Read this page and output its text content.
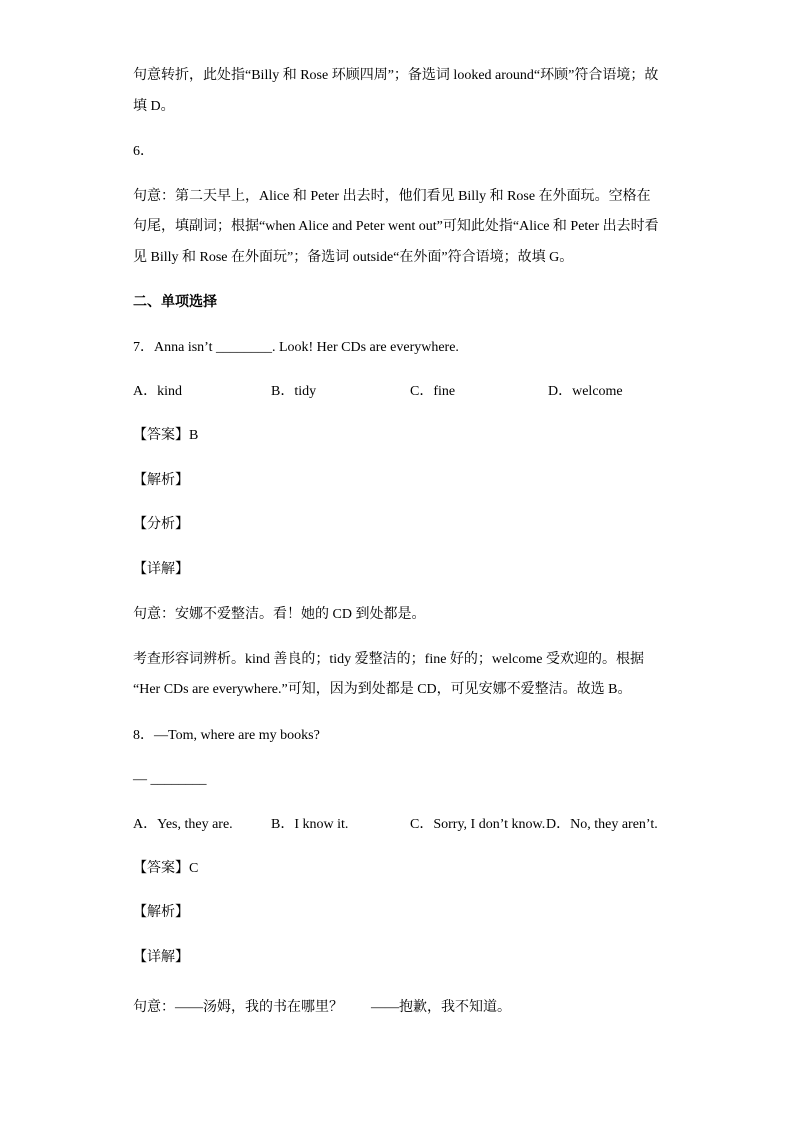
句意转折，此处指“Billy 和 Rose 环顾四周”；备选词 looked around“环顾”符合语境；故
填 D。
6．
句意：第二天早上，Alice 和 Peter 出去时，他们看见 Billy 和 Rose 在外面玩。空格在
句尾，填副词；根据“when Alice and Peter went out”可知此处指“Alice 和 Peter 出去时看
见 Billy 和 Rose 在外面玩”；备选词 outside“在外面”符合语境；故填 G。
二、单项选择
7．Anna isn’t ________. Look! Her CDs are everywhere.
A．kind	B．tidy	C．fine	D．welcome
【答案】B
【解析】
【分析】
【详解】
句意：安娜不爱整洁。看！她的 CD 到处都是。
考查形容词辨析。kind 善良的；tidy 爱整洁的；fine 好的；welcome 受欢迎的。根据
“Her CDs are everywhere.”可知，因为到处都是 CD，可见安娜不爱整洁。故选 B。
8．—Tom, where are my books?
— ________
A．Yes, they are.	B．I know it.	C．Sorry, I don’t know. D．No, they aren’t.
【答案】C
【解析】
【详解】
句意：——汤姆，我的书在哪里？        ——抱歉，我不知道。
